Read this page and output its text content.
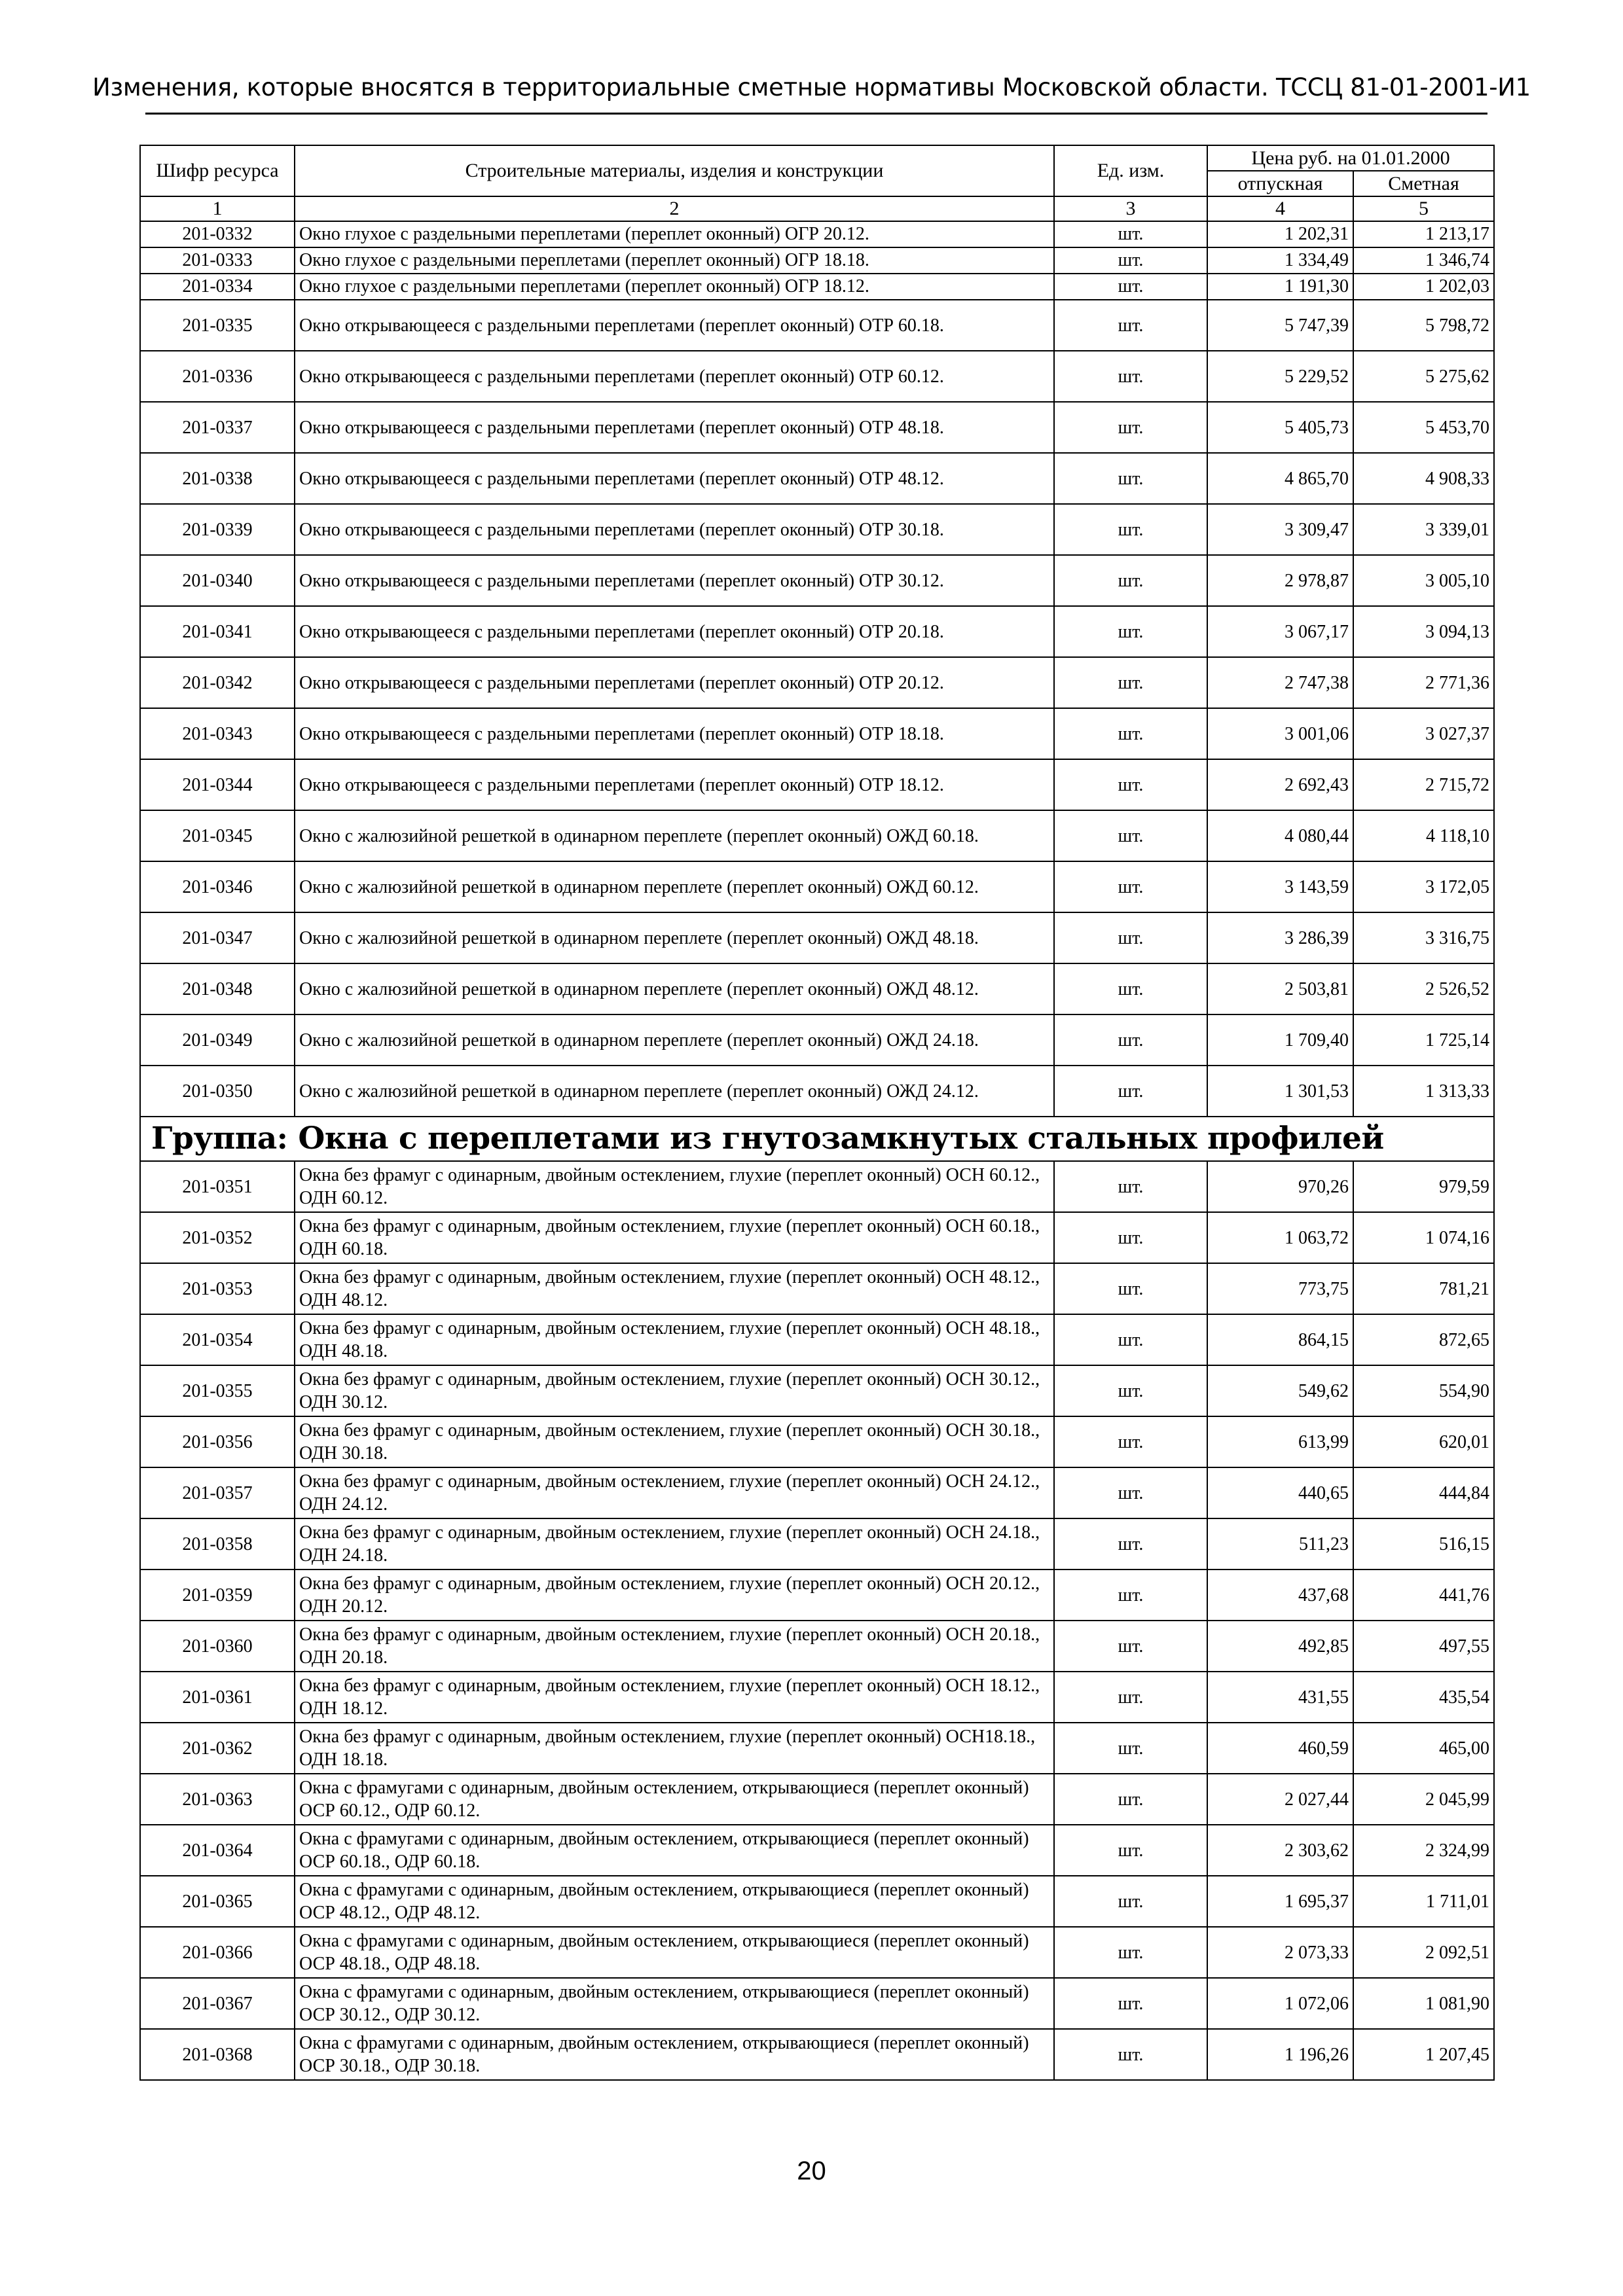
Изменения, которые вносятся в территориальные сметные нормативы Московской области. ТССЦ 81-01-2001-И1
Шифр ресурса	Строительные материалы, изделия и конструкции	Ед. изм.	Цена руб. на 01.01.2000	
			отпускная	Сметная
1	2	3	4	5
201-0332	Окно глухое с раздельными переплетами (переплет оконный) ОГР 20.12.	шт.	1 202,31	1 213,17
201-0333	Окно глухое с раздельными переплетами (переплет оконный) ОГР 18.18.	шт.	1 334,49	1 346,74
201-0334	Окно глухое с раздельными переплетами (переплет оконный) ОГР 18.12.	шт.	1 191,30	1 202,03
201-0335	Окно открывающееся с раздельными переплетами (переплет оконный) ОТР 60.18.	шт.	5 747,39	5 798,72
201-0336	Окно открывающееся с раздельными переплетами (переплет оконный) ОТР 60.12.	шт.	5 229,52	5 275,62
201-0337	Окно открывающееся с раздельными переплетами (переплет оконный) ОТР 48.18.	шт.	5 405,73	5 453,70
201-0338	Окно открывающееся с раздельными переплетами (переплет оконный) ОТР 48.12.	шт.	4 865,70	4 908,33
201-0339	Окно открывающееся с раздельными переплетами (переплет оконный) ОТР 30.18.	шт.	3 309,47	3 339,01
201-0340	Окно открывающееся с раздельными переплетами (переплет оконный) ОТР 30.12.	шт.	2 978,87	3 005,10
201-0341	Окно открывающееся с раздельными переплетами (переплет оконный) ОТР 20.18.	шт.	3 067,17	3 094,13
201-0342	Окно открывающееся с раздельными переплетами (переплет оконный) ОТР 20.12.	шт.	2 747,38	2 771,36
201-0343	Окно открывающееся с раздельными переплетами (переплет оконный) ОТР 18.18.	шт.	3 001,06	3 027,37
201-0344	Окно открывающееся с раздельными переплетами (переплет оконный) ОТР 18.12.	шт.	2 692,43	2 715,72
201-0345	Окно с жалюзийной решеткой в одинарном переплете (переплет оконный) ОЖД 60.18.	шт.	4 080,44	4 118,10
201-0346	Окно с жалюзийной решеткой в одинарном переплете (переплет оконный) ОЖД 60.12.	шт.	3 143,59	3 172,05
201-0347	Окно с жалюзийной решеткой в одинарном переплете (переплет оконный) ОЖД 48.18.	шт.	3 286,39	3 316,75
201-0348	Окно с жалюзийной решеткой в одинарном переплете (переплет оконный) ОЖД 48.12.	шт.	2 503,81	2 526,52
201-0349	Окно с жалюзийной решеткой в одинарном переплете (переплет оконный) ОЖД 24.18.	шт.	1 709,40	1 725,14
201-0350	Окно с жалюзийной решеткой в одинарном переплете (переплет оконный) ОЖД 24.12.	шт.	1 301,53	1 313,33
Группа: Окна с переплетами из гнутозамкнутых стальных профилей				
201-0351	Окна без фрамуг с одинарным, двойным остеклением, глухие (переплет оконный) ОСН 60.12., ОДН 60.12.	шт.	970,26	979,59
201-0352	Окна без фрамуг с одинарным, двойным остеклением, глухие (переплет оконный) ОСН 60.18., ОДН 60.18.	шт.	1 063,72	1 074,16
201-0353	Окна без фрамуг с одинарным, двойным остеклением, глухие (переплет оконный) ОСН 48.12., ОДН 48.12.	шт.	773,75	781,21
201-0354	Окна без фрамуг с одинарным, двойным остеклением, глухие (переплет оконный) ОСН 48.18., ОДН 48.18.	шт.	864,15	872,65
201-0355	Окна без фрамуг с одинарным, двойным остеклением, глухие (переплет оконный) ОСН 30.12., ОДН 30.12.	шт.	549,62	554,90
201-0356	Окна без фрамуг с одинарным, двойным остеклением, глухие (переплет оконный) ОСН 30.18., ОДН 30.18.	шт.	613,99	620,01
201-0357	Окна без фрамуг с одинарным, двойным остеклением, глухие (переплет оконный) ОСН 24.12., ОДН 24.12.	шт.	440,65	444,84
201-0358	Окна без фрамуг с одинарным, двойным остеклением, глухие (переплет оконный) ОСН 24.18., ОДН 24.18.	шт.	511,23	516,15
201-0359	Окна без фрамуг с одинарным, двойным остеклением, глухие (переплет оконный) ОСН 20.12., ОДН 20.12.	шт.	437,68	441,76
201-0360	Окна без фрамуг с одинарным, двойным остеклением, глухие (переплет оконный) ОСН 20.18., ОДН 20.18.	шт.	492,85	497,55
201-0361	Окна без фрамуг с одинарным, двойным остеклением, глухие (переплет оконный) ОСН 18.12., ОДН 18.12.	шт.	431,55	435,54
201-0362	Окна без фрамуг с одинарным, двойным остеклением, глухие (переплет оконный) ОСН18.18., ОДН 18.18.	шт.	460,59	465,00
201-0363	Окна с фрамугами с одинарным, двойным остеклением, открывающиеся (переплет оконный) ОСР 60.12., ОДР 60.12.	шт.	2 027,44	2 045,99
201-0364	Окна с фрамугами с одинарным, двойным остеклением, открывающиеся (переплет оконный) ОСР 60.18., ОДР 60.18.	шт.	2 303,62	2 324,99
201-0365	Окна с фрамугами с одинарным, двойным остеклением, открывающиеся (переплет оконный) ОСР 48.12., ОДР 48.12.	шт.	1 695,37	1 711,01
201-0366	Окна с фрамугами с одинарным, двойным остеклением, открывающиеся (переплет оконный) ОСР 48.18., ОДР 48.18.	шт.	2 073,33	2 092,51
201-0367	Окна с фрамугами с одинарным, двойным остеклением, открывающиеся (переплет оконный) ОСР 30.12., ОДР 30.12.	шт.	1 072,06	1 081,90
201-0368	Окна с фрамугами с одинарным, двойным остеклением, открывающиеся (переплет оконный) ОСР 30.18., ОДР 30.18.	шт.	1 196,26	1 207,45
20
